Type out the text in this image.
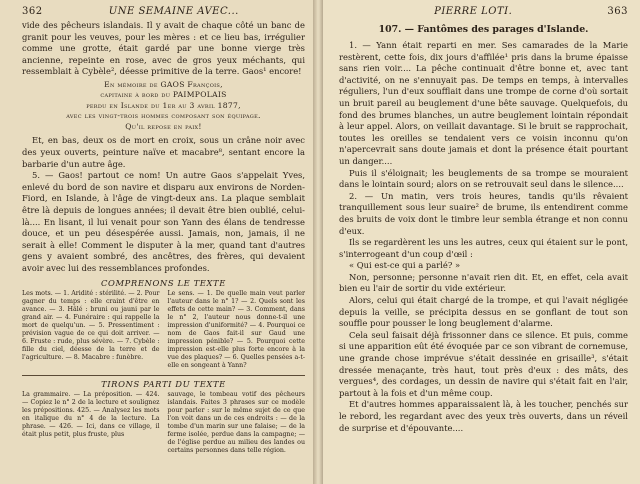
362	UNE SEMAINE AVEC...

vide des pêcheurs islandais. Il y avait de chaque côté un banc de granit pour les veuves, pour les mères : et ce lieu bas, irrégulier comme une grotte, était gardé par une bonne vierge très ancienne, repeinte en rose, avec de gros yeux méchants, qui ressemblait à Cybèle², déesse primitive de la terre. Gaos¹ encore!

En mémoire de GAOS François,
capitaine à bord du PAIMPOLAIS
perdu en Islande du 1er au 3 avril 1877,
avec les vingt-trois hommes composant son équipage.
Qu'il repose en paix!

Et, en bas, deux os de mort en croix, sous un crâne noir avec des yeux ouverts, peinture naïve et macabre⁸, sentant encore la barbarie d'un autre âge.

5. — Gaos! partout ce nom! Un autre Gaos s'appelait Yves, enlevé du bord de son navire et disparu aux environs de Norden-Fiord, en Islande, à l'âge de vingt-deux ans. La plaque semblait être là depuis de longues années; il devait être bien oublié, celui-là.... En lisant, il lui venait pour son Yann des élans de tendresse douce, et un peu désespérée aussi. Jamais, non, jamais, il ne serait à elle! Comment le disputer à la mer, quand tant d'autres gens y avaient sombré, des ancêtres, des frères, qui devaient avoir avec lui des ressemblances profondes.

COMPRENONS LE TEXTE
Les mots. — 1. Aridité : stérilité. — 2. Pour gagner du temps : elle craint d'être en avance. — 3. Hâlé : bruni ou jauni par le grand air. — 4. Funéraire : qui rappelle la mort de quelqu'un. — 5. Pressentiment : prévision vague de ce qui doit arriver. — 6. Fruste : rude, plus sévère. — 7. Cybèle : fille du ciel, déesse de la terre et de l'agriculture. — 8. Macabre : funèbre.
Le sens. — 1. De quelle main veut parler l'auteur dans le n° 1? — 2. Quels sont les effets de cette main? — 3. Comment, dans le n° 2, l'auteur nous donne-t-il une impression d'uniformité? — 4. Pourquoi ce nom de Gaos fait-il sur Gaud une impression pénible? — 5. Pourquoi cette impression est-elle plus forte encore à la vue des plaques? — 6. Quelles pensées a-t-elle en songeant à Yann?
TIRONS PARTI DU TEXTE
La grammaire. — La préposition. — 424. — Copiez le n° 2 de la lecture et soulignez les prépositions. 425. — Analysez les mots en italique du n° 4 de la lecture. La phrase. — 426. — Ici, dans ce village, il était plus petit, plus fruste, plus
sauvage, le tombeau votif des pêcheurs islandais. Faites 3 phrases sur ce modèle pour parler : sur le même sujet de ce que l'on voit dans un de ces endroits : — de la tombe d'un marin sur une falaise; — de la ferme isolée, perdue dans la campagne; — de l'église perdue au milieu des landes ou certains personnes dans telle région.
PIERRE LOTI.	363
107. — Fantômes des parages d'Islande.

1. — Yann était reparti en mer. Ses camarades de la Marie restèrent, cette fois, dix jours d'affilée¹ pris dans la brume épaisse sans rien voir.... La pêche continuait d'être bonne et, avec tant d'activité, on ne s'ennuyait pas. De temps en temps, à intervalles réguliers, l'un d'eux soufflait dans une trompe de corne d'où sortait un bruit pareil au beuglement d'une bête sauvage. Quelquefois, du fond des brumes blanches, un autre beuglement lointain répondait à leur appel. Alors, on veillait davantage. Si le bruit se rapprochait, toutes les oreilles se tendaient vers ce voisin inconnu qu'on n'apercevrait sans doute jamais et dont la présence était pourtant un danger....

Puis il s'éloignait; les beuglements de sa trompe se mouraient dans le lointain sourd; alors on se retrouvait seul dans le silence....

2. — Un matin, vers trois heures, tandis qu'ils rêvaient tranquillement sous leur suaire² de brume, ils entendirent comme des bruits de voix dont le timbre leur sembla étrange et non connu d'eux.

Ils se regardèrent les uns les autres, ceux qui étaient sur le pont, s'interrogeant d'un coup d'œil :

« Qui est-ce qui a parlé? »

Non, personne; personne n'avait rien dit. Et, en effet, cela avait bien eu l'air de sortir du vide extérieur.

Alors, celui qui était chargé de la trompe, et qui l'avait négligée depuis la veille, se précipita dessus en se gonflant de tout son souffle pour pousser le long beuglement d'alarme.

Cela seul faisait déjà frissonner dans ce silence. Et puis, comme si une apparition eût été évoquée par ce son vibrant de cornemuse, une grande chose imprévue s'était dessinée en grisaille³, s'était dressée menaçante, très haut, tout près d'eux : des mâts, des vergues⁴, des cordages, un dessin de navire qui s'était fait en l'air, partout à la fois et d'un même coup.

Et d'autres hommes apparaissaient là, à les toucher, penchés sur le rebord, les regardant avec des yeux très ouverts, dans un réveil de surprise et d'épouvante....
